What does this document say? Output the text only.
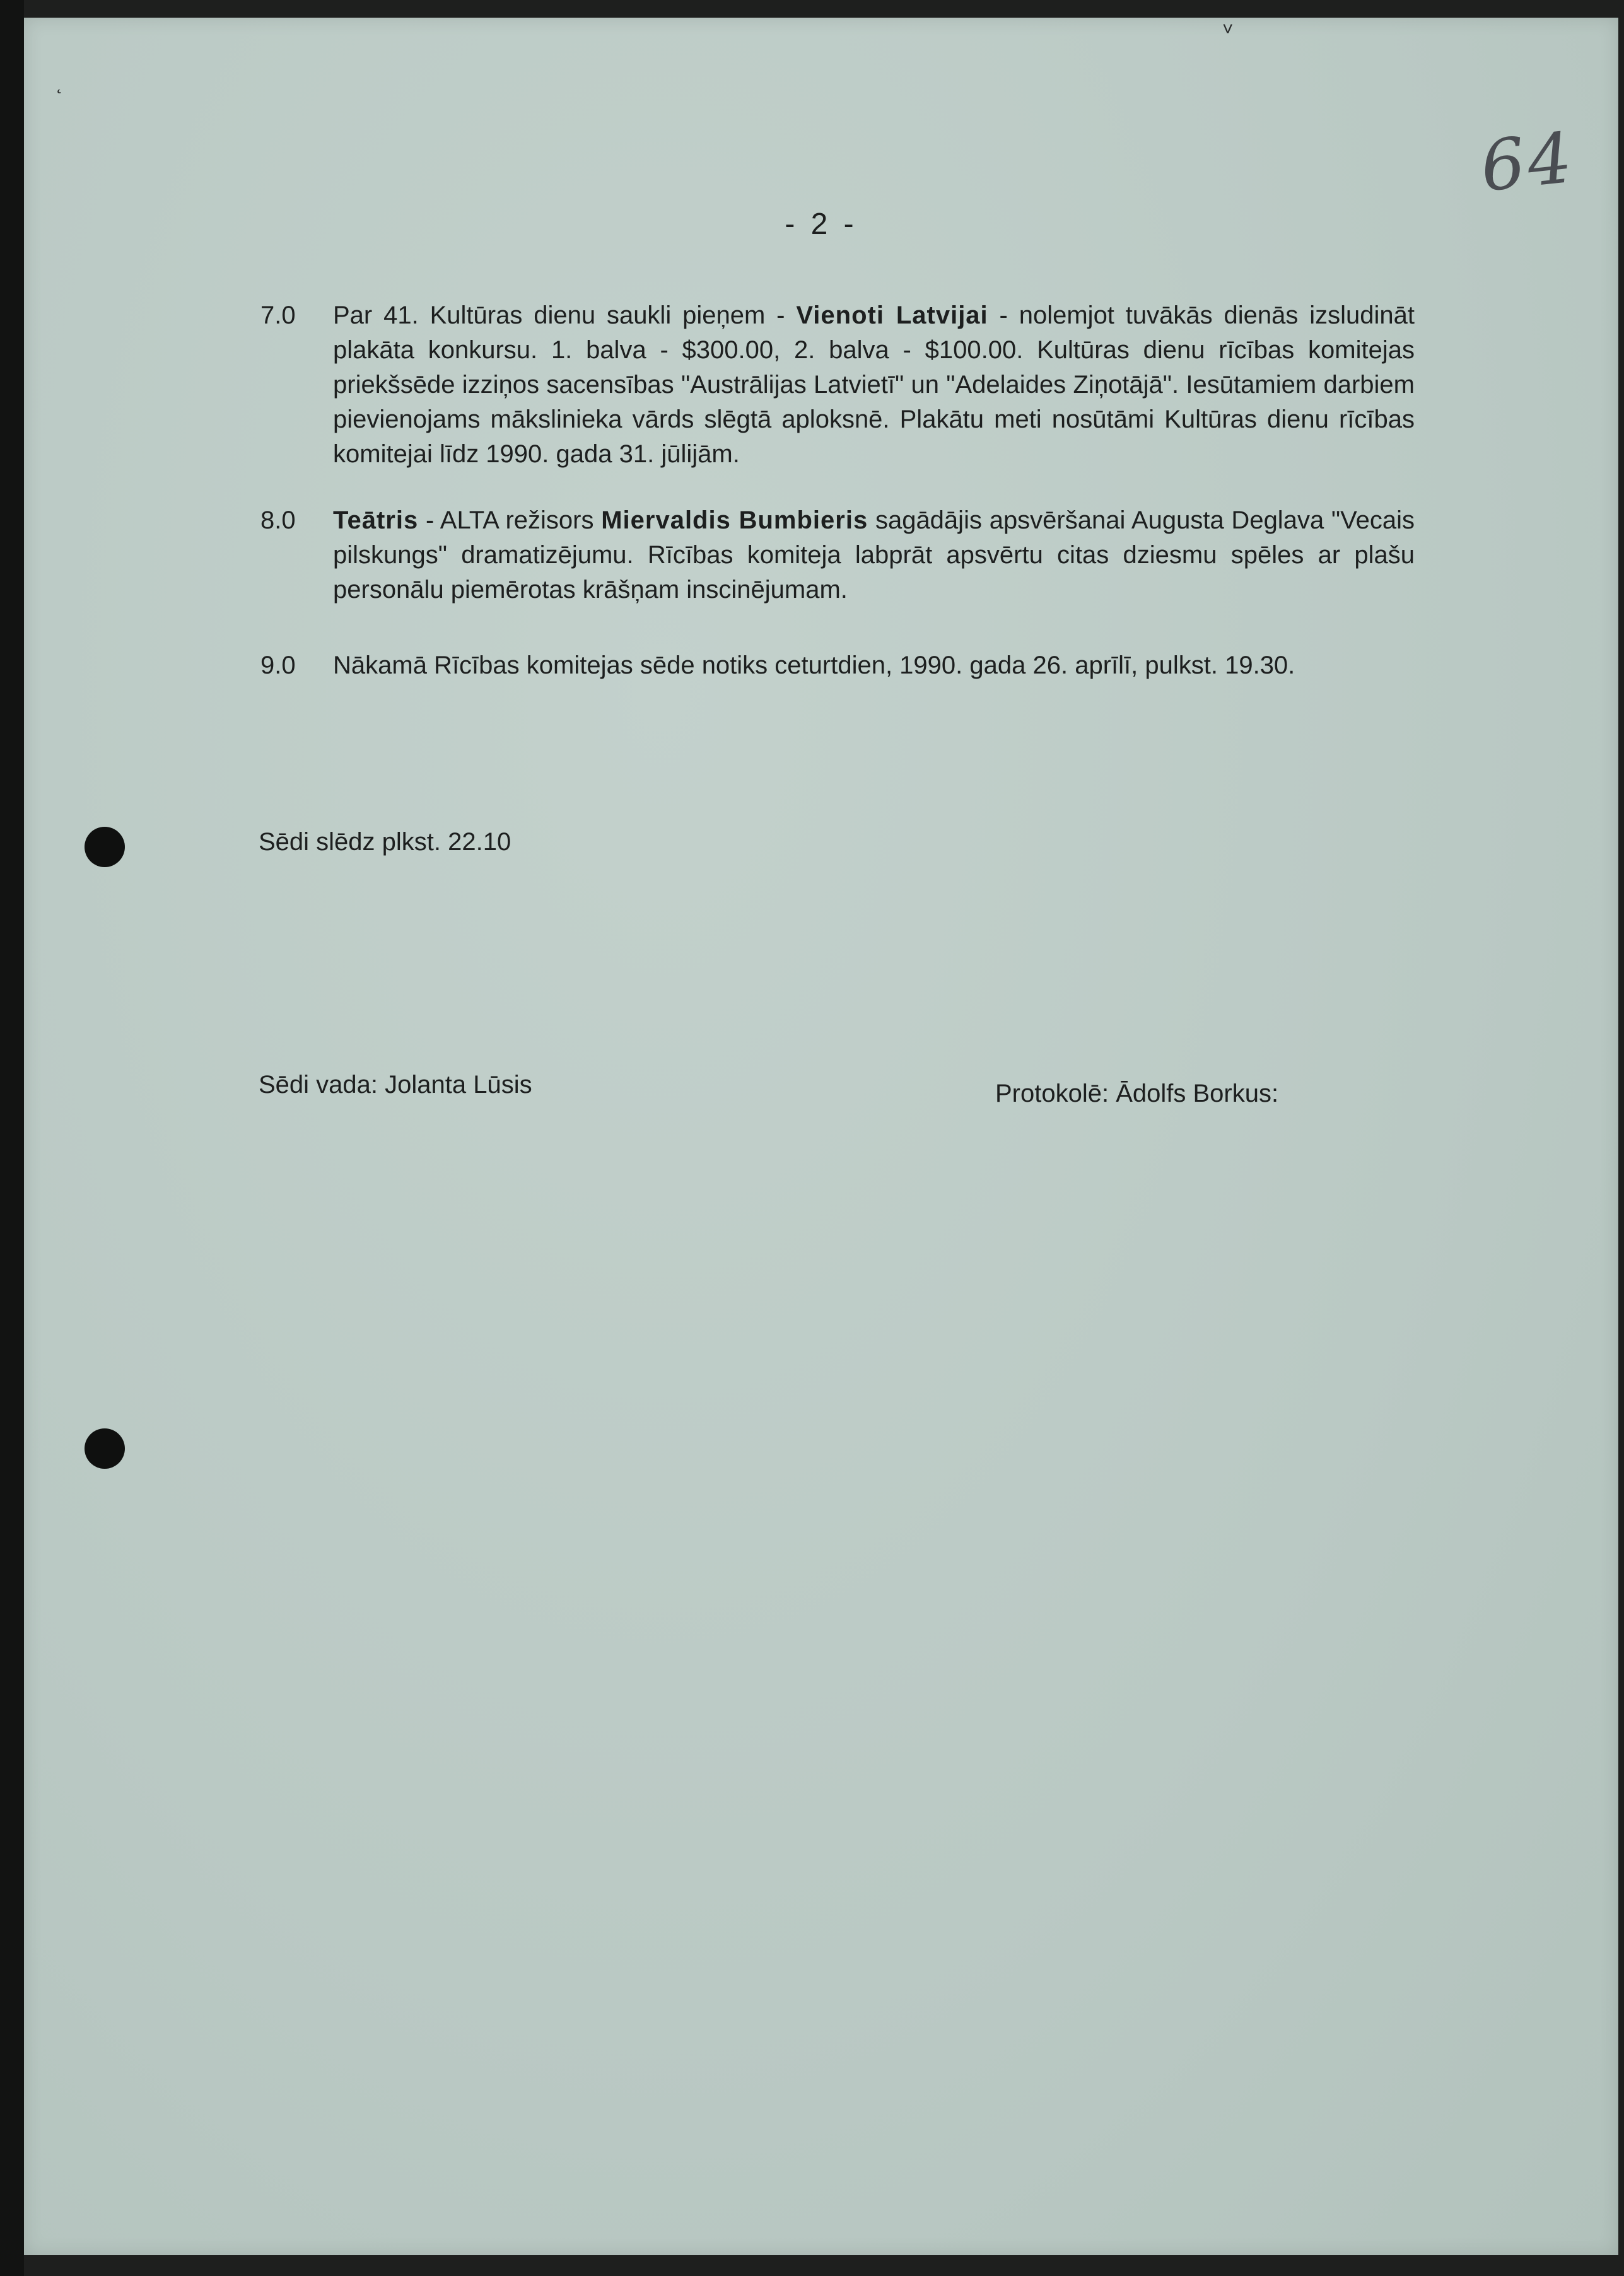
˛
˅
64
- 2 -
7.0 Par 41. Kultūras dienu saukli pieņem - Vienoti Latvijai - nolemjot tuvākās dienās izsludināt plakāta konkursu. 1. balva - $300.00, 2. balva - $100.00. Kultūras dienu rīcības komitejas priekšsēde izziņos sacensības "Austrālijas Latvietī" un "Adelaides Ziņotājā". Iesūtamiem darbiem pievienojams mākslinieka vārds slēgtā aploksnē. Plakātu meti nosūtāmi Kultūras dienu rīcības komitejai līdz 1990. gada 31. jūlijām.
8.0 Teātris - ALTA režisors Miervaldis Bumbieris sagādājis apsvēršanai Augusta Deglava "Vecais pilskungs" dramatizējumu. Rīcības komiteja labprāt apsvērtu citas dziesmu spēles ar plašu personālu piemērotas krāšņam inscinējumam.
9.0 Nākamā Rīcības komitejas sēde notiks ceturtdien, 1990. gada 26. aprīlī, pulkst. 19.30.
Sēdi slēdz plkst. 22.10
Sēdi vada: Jolanta Lūsis	Protokolē: Ādolfs Borkus:
